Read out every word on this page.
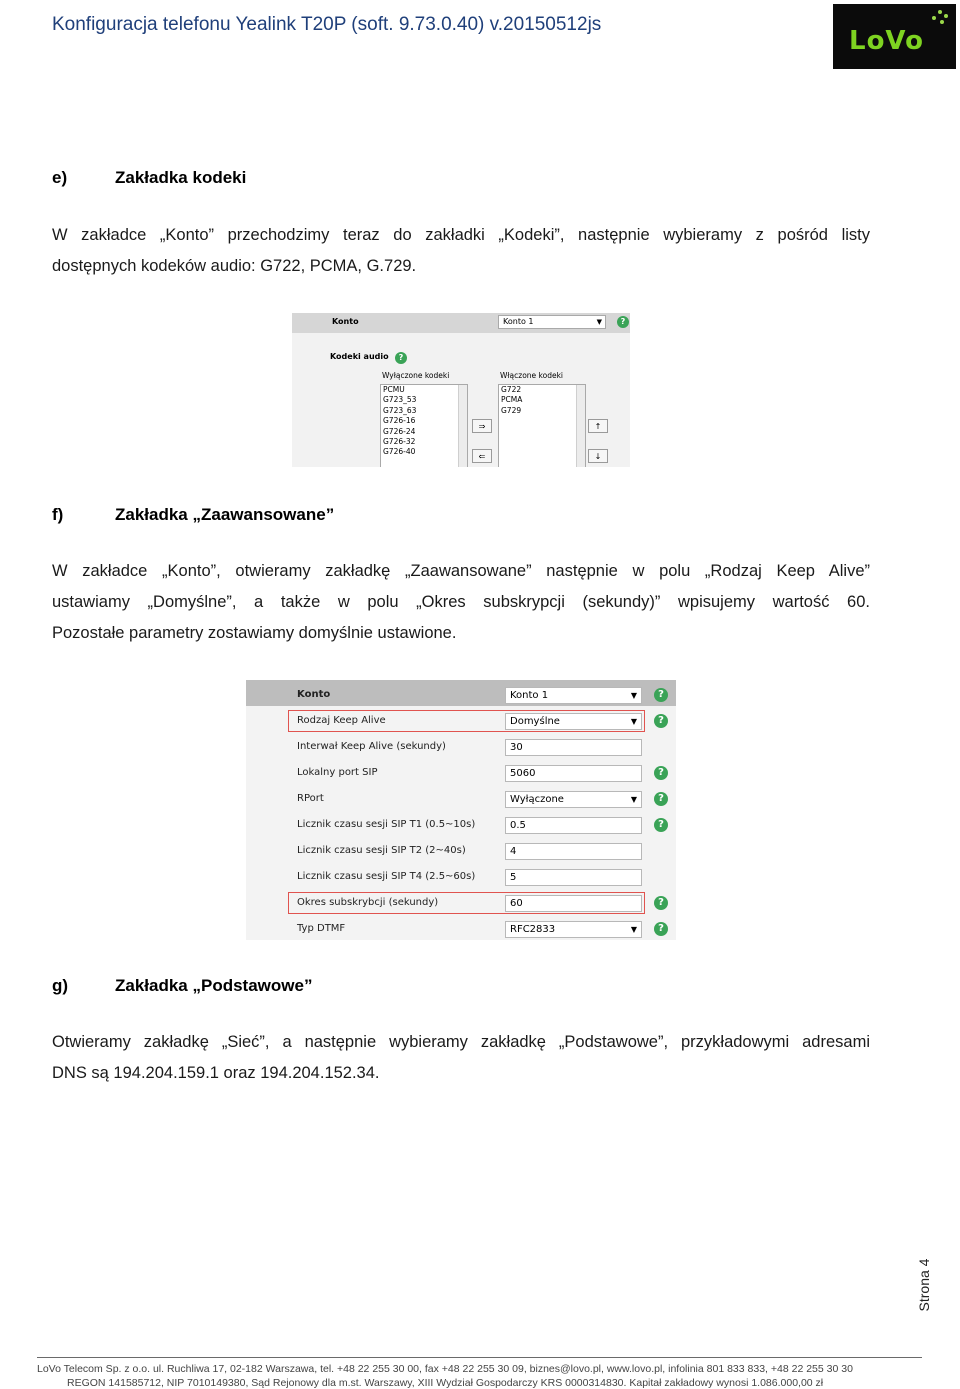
Konfiguracja telefonu Yealink T20P (soft. 9.73.0.40) v.20150512js
LoVo
e)	Zakładka kodeki
W zakładce „Konto” przechodzimy teraz do zakładki „Kodeki”, następnie wybieramy z pośród listy
dostępnych kodeków audio: G722, PCMA, G.729.
Konto	Konto 1	▼	?
Kodeki audio	?
Wyłączone kodeki	Włączone kodeki
PCMU
G723_53
G723_63
G726-16
G726-24
G726-32
G726-40
G722
PCMA
G729
⇒
⇐
↑
↓
f)	Zakładka „Zaawansowane”
W zakładce „Konto”, otwieramy zakładkę „Zaawansowane” następnie w polu „Rodzaj Keep Alive”
ustawiamy „Domyślne”, a także w polu „Okres subskrypcji (sekundy)” wpisujemy wartość 60.
Pozostałe parametry zostawiamy domyślnie ustawione.
Konto	Konto 1	▼	?
Rodzaj Keep Alive	Domyślne	▼	?
Interwał Keep Alive (sekundy)	30
Lokalny port SIP	5060	?
RPort	Wyłączone	▼	?
Licznik czasu sesji SIP T1 (0.5~10s)	0.5	?
Licznik czasu sesji SIP T2 (2~40s)	4
Licznik czasu sesji SIP T4 (2.5~60s)	5
Okres subskrybcji (sekundy)	60	?
Typ DTMF	RFC2833	▼	?
g)	Zakładka „Podstawowe”
Otwieramy zakładkę „Sieć”, a następnie wybieramy zakładkę „Podstawowe”, przykładowymi adresami
DNS są 194.204.159.1 oraz 194.204.152.34.
Strona 4
LoVo Telecom Sp. z o.o. ul. Ruchliwa 17, 02-182 Warszawa, tel. +48 22 255 30 00, fax +48 22 255 30 09, biznes@lovo.pl, www.lovo.pl, infolinia 801 833 833, +48 22 255 30 30
REGON 141585712, NIP 7010149380, Sąd Rejonowy dla m.st. Warszawy, XIII Wydział Gospodarczy KRS 0000314830. Kapitał zakładowy wynosi 1.086.000,00 zł
